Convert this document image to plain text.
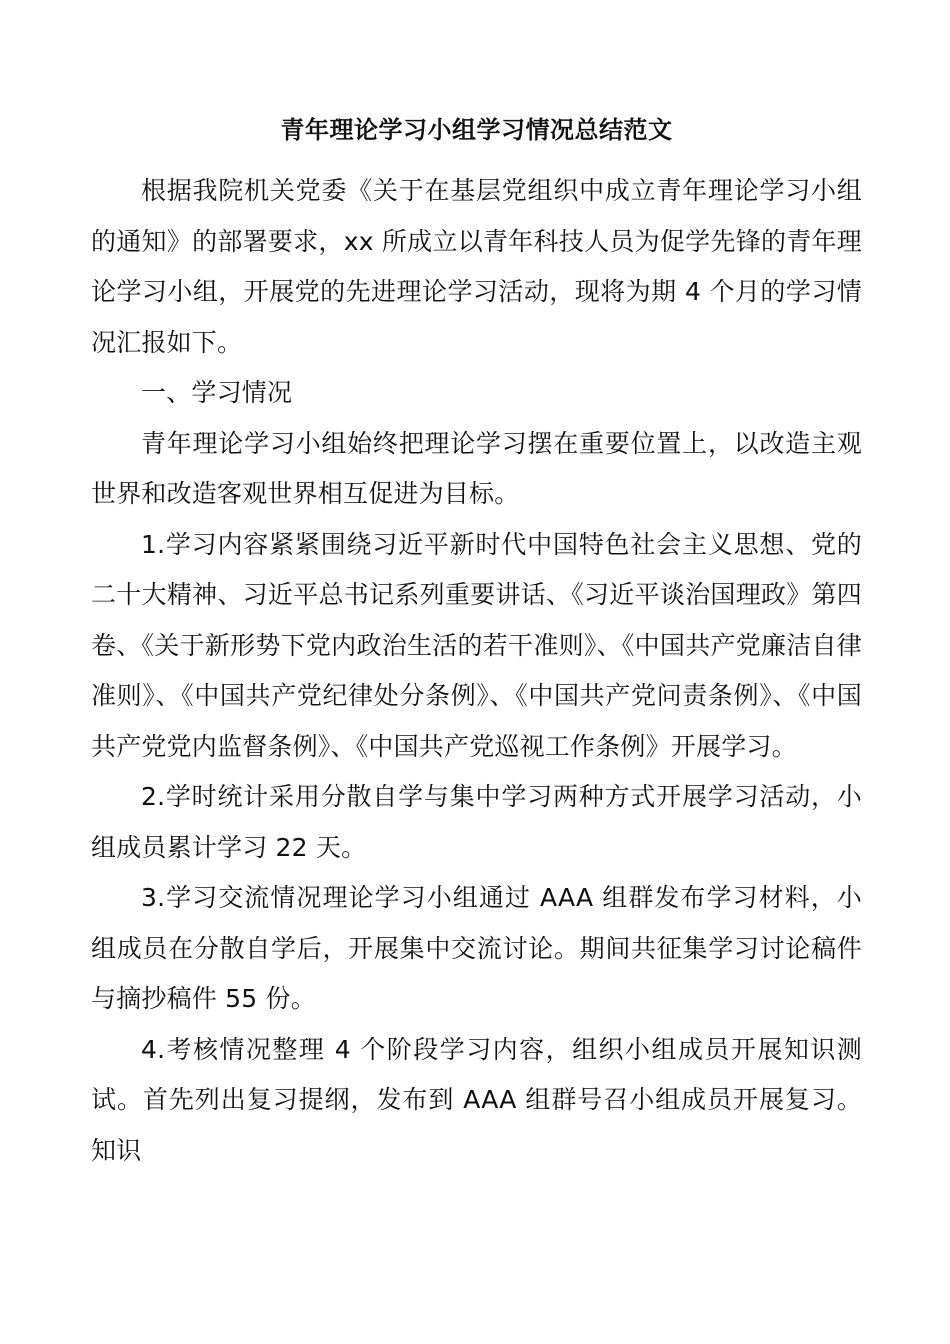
青年理论学习小组学习情况总结范文

根据我院机关党委《关于在基层党组织中成立青年理论学习小组的通知》的部署要求，xx 所成立以青年科技人员为促学先锋的青年理论学习小组，开展党的先进理论学习活动，现将为期 4 个月的学习情况汇报如下。

一、学习情况

青年理论学习小组始终把理论学习摆在重要位置上，以改造主观世界和改造客观世界相互促进为目标。

1.学习内容紧紧围绕习近平新时代中国特色社会主义思想、党的二十大精神、习近平总书记系列重要讲话、《习近平谈治国理政》第四卷、《关于新形势下党内政治生活的若干准则》、《中国共产党廉洁自律准则》、《中国共产党纪律处分条例》、《中国共产党问责条例》、《中国共产党党内监督条例》、《中国共产党巡视工作条例》开展学习。

2.学时统计采用分散自学与集中学习两种方式开展学习活动，小组成员累计学习 22 天。

3.学习交流情况理论学习小组通过 AAA 组群发布学习材料，小组成员在分散自学后，开展集中交流讨论。期间共征集学习讨论稿件与摘抄稿件 55 份。

4.考核情况整理 4 个阶段学习内容，组织小组成员开展知识测试。首先列出复习提纲，发布到 AAA 组群号召小组成员开展复习。知识
